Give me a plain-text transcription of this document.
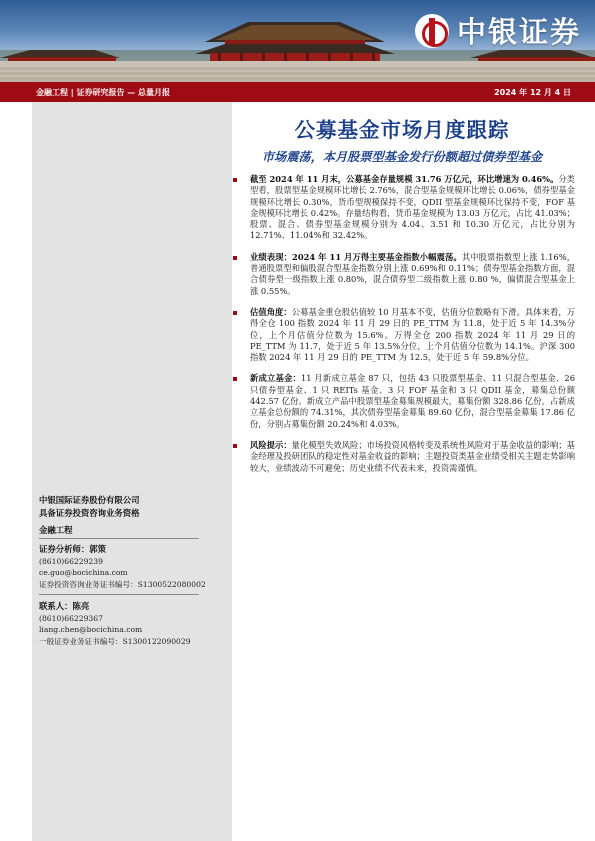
中银证券
金融工程 | 证券研究报告 — 总量月报	2024 年 12 月 4 日
中银国际证券股份有限公司
具备证券投资咨询业务资格
金融工程
证券分析师：郭策
(8610)66229239
ce.guo@bocichina.com
证券投资咨询业务证书编号：S1300522080002
联系人：陈亮
(8610)66229367
liang.chen@bocichina.com
一般证券业务证书编号：S1300122090029
公募基金市场月度跟踪
市场震荡，本月股票型基金发行份额超过债券型基金
截至 2024 年 11 月末，公募基金存量规模 31.76 万亿元，环比增速为 0.46%。分类型看，股票型基金规模环比增长 2.76%，混合型基金规模环比增长 0.06%，债券型基金规模环比增长 0.30%，货币型规模保持不变，QDII 型基金规模环比保持不变，FOF 基金规模环比增长 0.42%。存量结构看，货币基金规模为 13.03 万亿元，占比 41.03%；股票、混合、债券型基金规模分别为 4.04、3.51 和 10.30 万亿元，占比分别为 12.71%、11.04%和 32.42%。
业绩表现：2024 年 11 月万得主要基金指数小幅震荡。其中股票指数型上涨 1.16%，普通股票型和偏股混合型基金指数分别上涨 0.69%和 0.11%；债券型基金指数方面，混合债券型一级指数上涨 0.80%，混合债券型二级指数上涨 0.80 %，偏债混合型基金上涨 0.55%。
估值角度：公募基金重仓股估值较 10 月基本不变，估值分位数略有下滑。具体来看，万得全仓 100 指数 2024 年 11 月 29 日的 PE_TTM 为 11.8，处于近 5 年 14.3%分位，上个月估值分位数为 15.6%。万得全仓 200 指数 2024 年 11 月 29 日的 PE_TTM 为 11.7，处于近 5 年 13.5%分位，上个月估值分位数为 14.1%。沪深 300 指数 2024 年 11 月 29 日的 PE_TTM 为 12.5，处于近 5 年 59.8%分位。
新成立基金：11 月新成立基金 87 只，包括 43 只股票型基金、11 只混合型基金、26 只债券型基金、1 只 REITs 基金、3 只 FOF 基金和 3 只 QDII 基金，募集总份额 442.57 亿份。新成立产品中股票型基金募集规模最大，募集份额 328.86 亿份，占新成立基金总份额的 74.31%，其次债券型基金募集 89.60 亿份，混合型基金募集 17.86 亿份，分别占募集份额 20.24%和 4.03%。
风险提示：量化模型失效风险；市场投资风格转变及系统性风险对于基金收益的影响；基金经理及投研团队的稳定性对基金收益的影响；主题投资类基金业绩受相关主题走势影响较大，业绩波动不可避免；历史业绩不代表未来，投资需谨慎。
